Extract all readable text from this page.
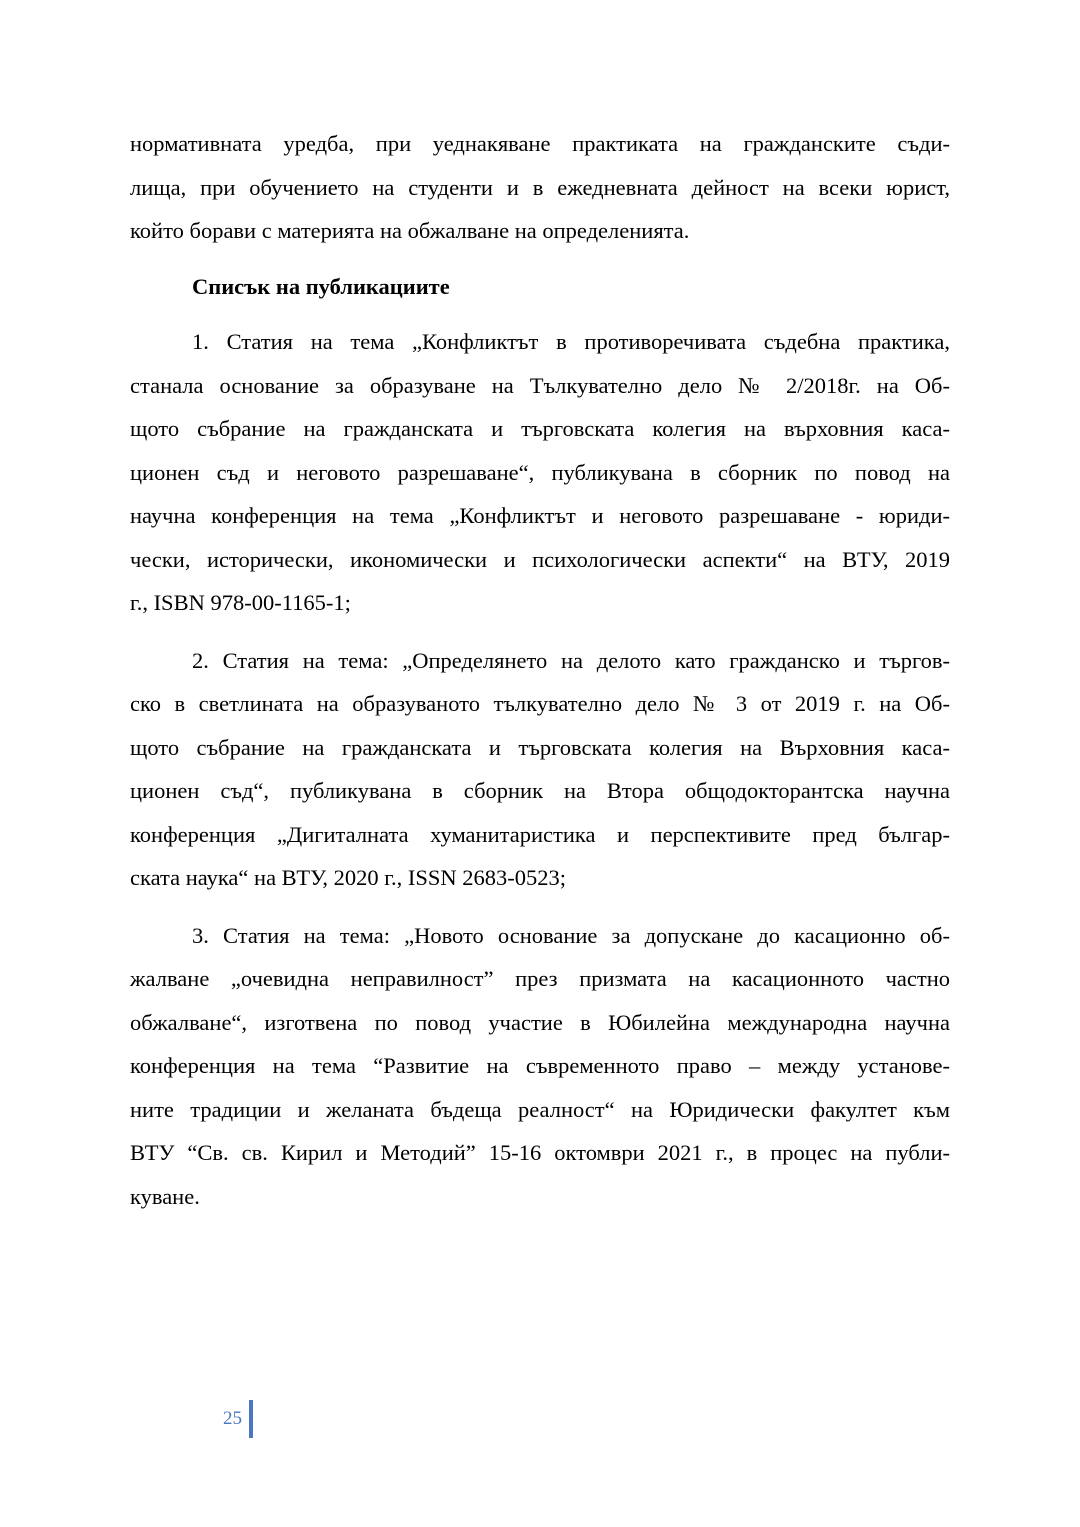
нормативната уредба, при уеднакяване практиката на гражданските съди-
лища, при обучението на студенти и в ежедневната дейност на всеки юрист,
който борави с материята на обжалване на определенията.
Списък на публикациите
1. Статия на тема „Конфликтът в противоречивата съдебна практика,
станала основание за образуване на Тълкувателно дело № 2/2018г. на Об-
щото събрание на гражданската и търговската колегия на върховния каса-
ционен съд и неговото разрешаване“, публикувана в сборник по повод на
научна конференция на тема „Конфликтът и неговото разрешаване - юриди-
чески, исторически, икономически и психологически аспекти“ на ВТУ, 2019
г., ISBN 978-00-1165-1;
2. Статия на тема: „Определянето на делото като гражданско и търгов-
ско в светлината на образуваното тълкувателно дело № 3 от 2019 г. на Об-
щото събрание на гражданската и търговската колегия на Върховния каса-
ционен съд“, публикувана в сборник на Втора общодокторантска научна
конференция „Дигиталната хуманитаристика и перспективите пред българ-
ската наука“ на ВТУ, 2020 г., ISSN 2683-0523;
3. Статия на тема: „Новото основание за допускане до касационно об-
жалване „очевидна неправилност” през призмата на касационното частно
обжалване“, изготвена по повод участие в Юбилейна международна научна
конференция на тема “Развитие на съвременното право – между установе-
ните традиции и желаната бъдеща реалност“ на Юридически факултет към
ВТУ “Св. св. Кирил и Методий” 15-16 октомври 2021 г., в процес на публи-
куване.
25
